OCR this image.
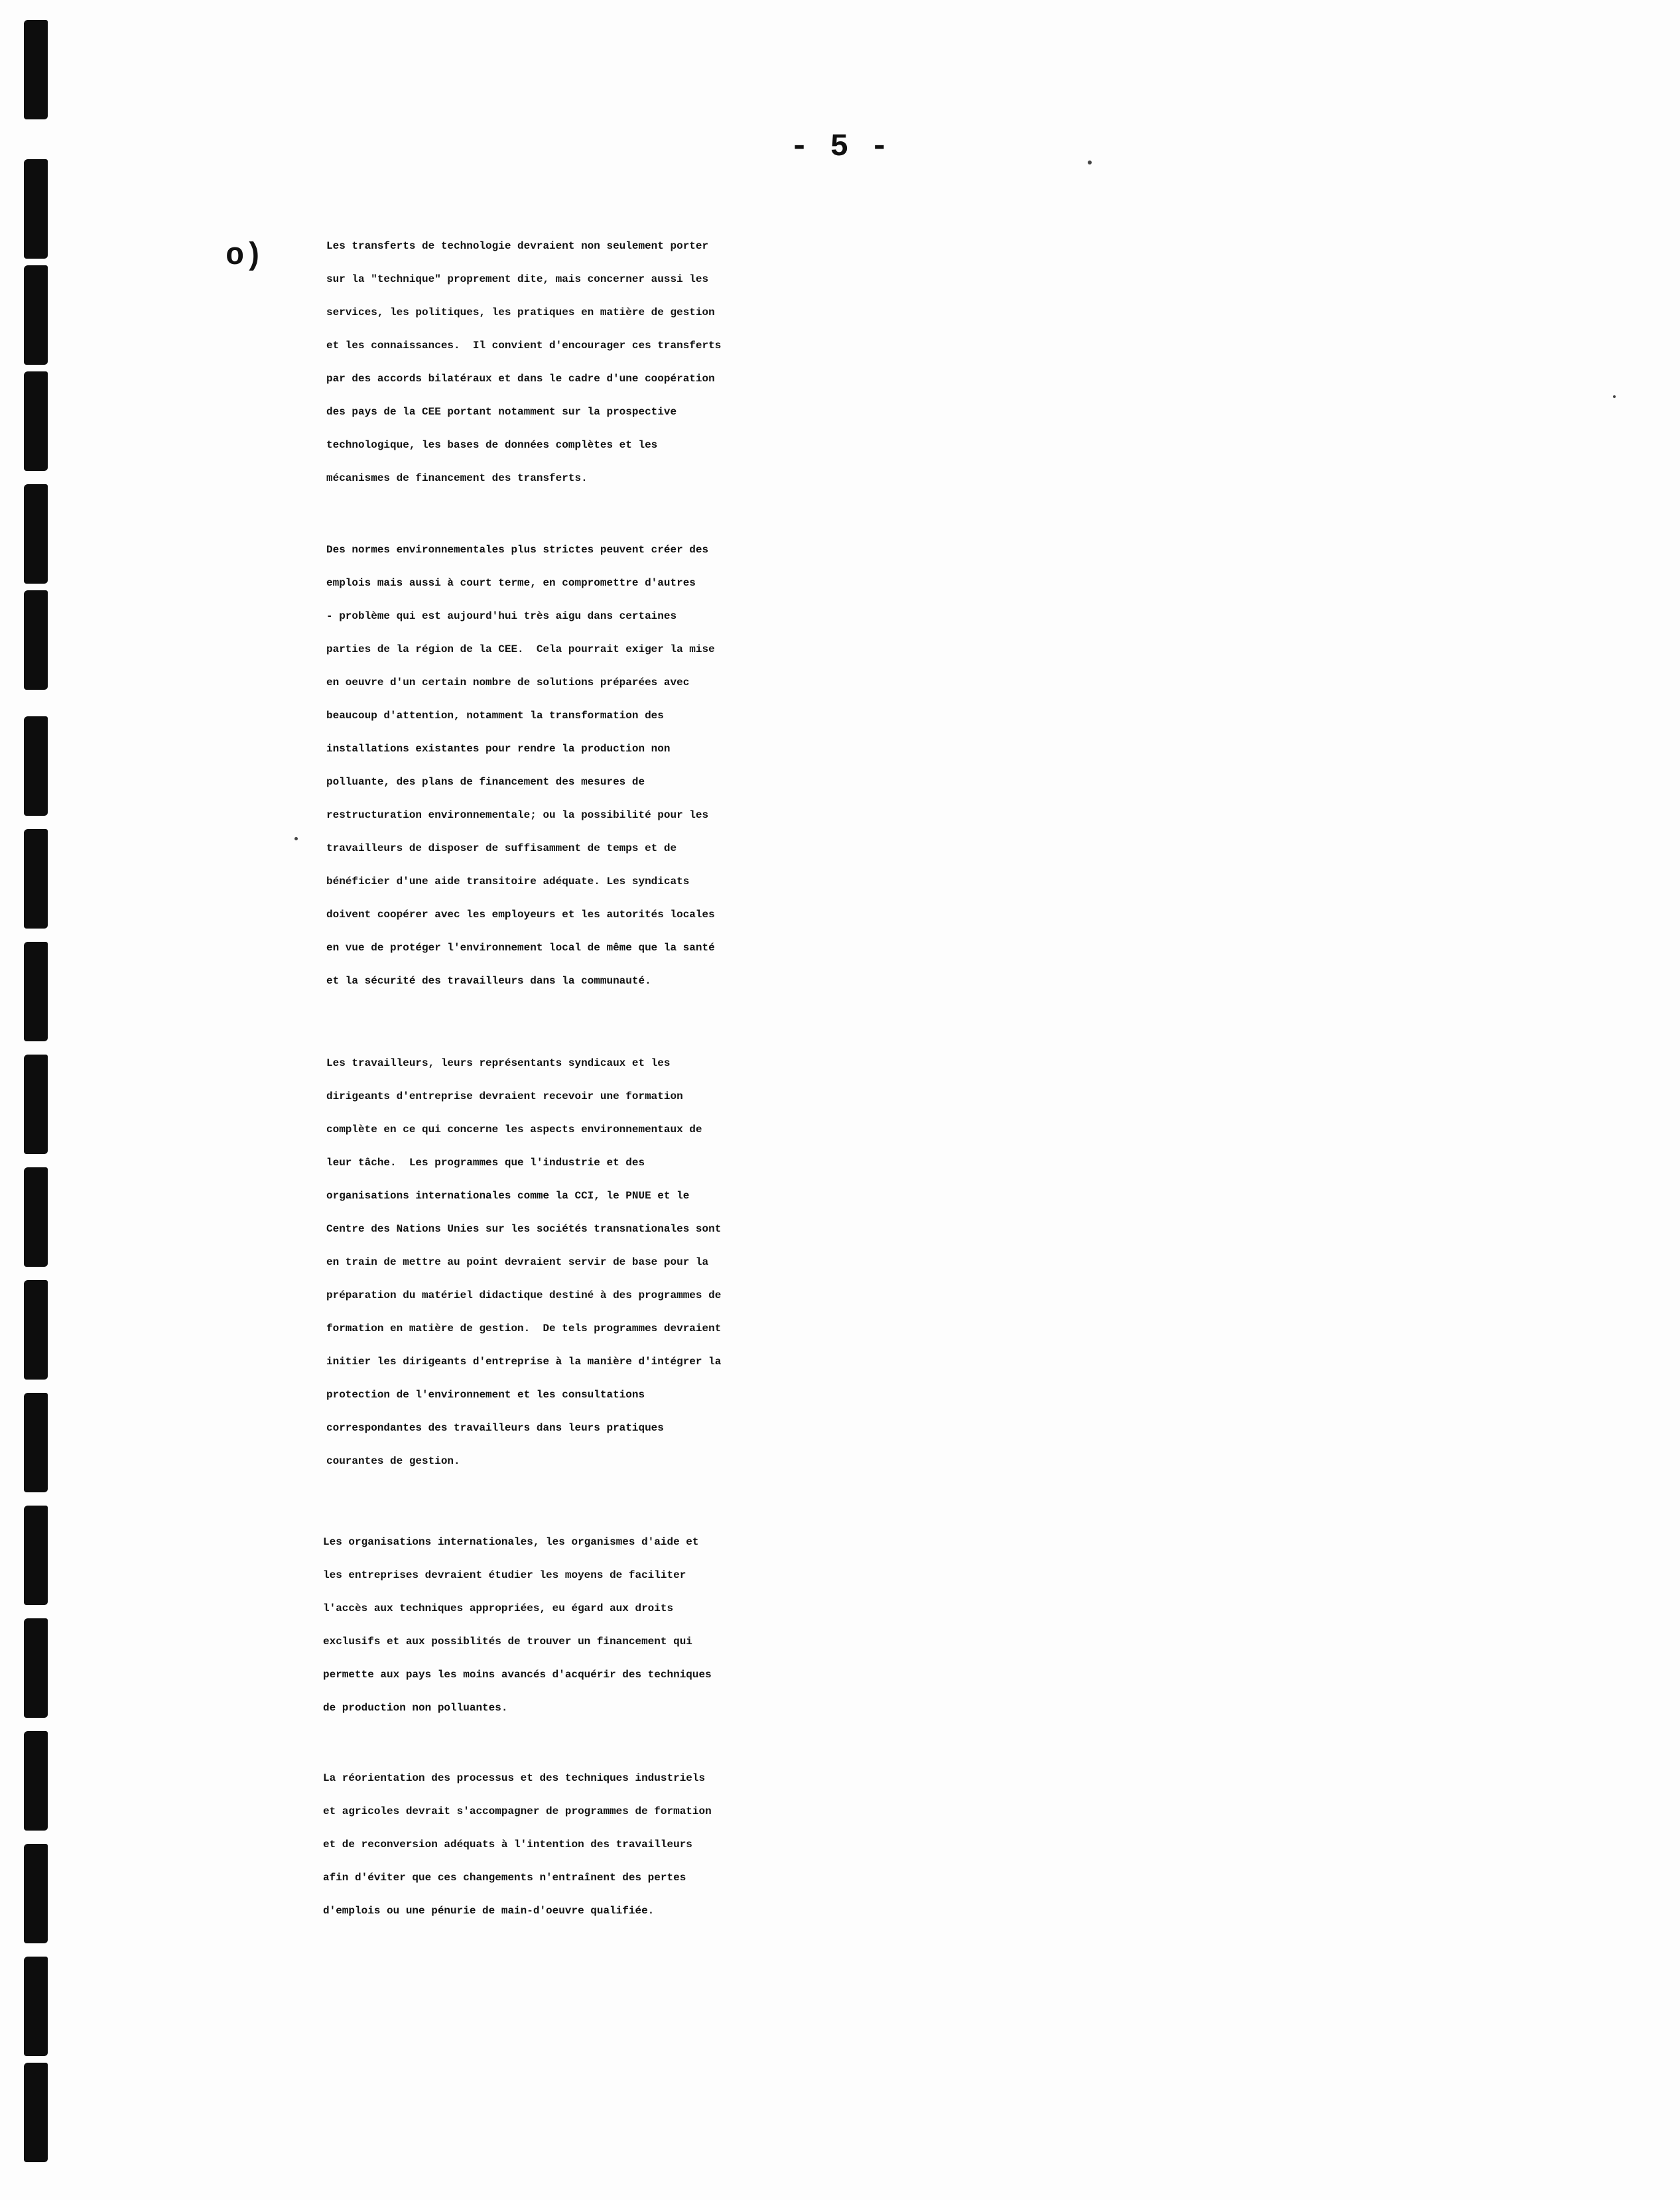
- 5 -
o)	Les transferts de technologie devraient non seulement porter
sur la "technique" proprement dite, mais concerner aussi les
services, les politiques, les pratiques en matière de gestion
et les connaissances.  Il convient d'encourager ces transferts
par des accords bilatéraux et dans le cadre d'une coopération
des pays de la CEE portant notamment sur la prospective
technologique, les bases de données complètes et les
mécanismes de financement des transferts.
Des normes environnementales plus strictes peuvent créer des
emplois mais aussi à court terme, en compromettre d'autres
- problème qui est aujourd'hui très aigu dans certaines
parties de la région de la CEE.  Cela pourrait exiger la mise
en oeuvre d'un certain nombre de solutions préparées avec
beaucoup d'attention, notamment la transformation des
installations existantes pour rendre la production non
polluante, des plans de financement des mesures de
restructuration environnementale; ou la possibilité pour les
travailleurs de disposer de suffisamment de temps et de
bénéficier d'une aide transitoire adéquate. Les syndicats
doivent coopérer avec les employeurs et les autorités locales
en vue de protéger l'environnement local de même que la santé
et la sécurité des travailleurs dans la communauté.
Les travailleurs, leurs représentants syndicaux et les
dirigeants d'entreprise devraient recevoir une formation
complète en ce qui concerne les aspects environnementaux de
leur tâche.  Les programmes que l'industrie et des
organisations internationales comme la CCI, le PNUE et le
Centre des Nations Unies sur les sociétés transnationales sont
en train de mettre au point devraient servir de base pour la
préparation du matériel didactique destiné à des programmes de
formation en matière de gestion.  De tels programmes devraient
initier les dirigeants d'entreprise à la manière d'intégrer la
protection de l'environnement et les consultations
correspondantes des travailleurs dans leurs pratiques
courantes de gestion.
Les organisations internationales, les organismes d'aide et
les entreprises devraient étudier les moyens de faciliter
l'accès aux techniques appropriées, eu égard aux droits
exclusifs et aux possiblités de trouver un financement qui
permette aux pays les moins avancés d'acquérir des techniques
de production non polluantes.
La réorientation des processus et des techniques industriels
et agricoles devrait s'accompagner de programmes de formation
et de reconversion adéquats à l'intention des travailleurs
afin d'éviter que ces changements n'entraînent des pertes
d'emplois ou une pénurie de main-d'oeuvre qualifiée.
